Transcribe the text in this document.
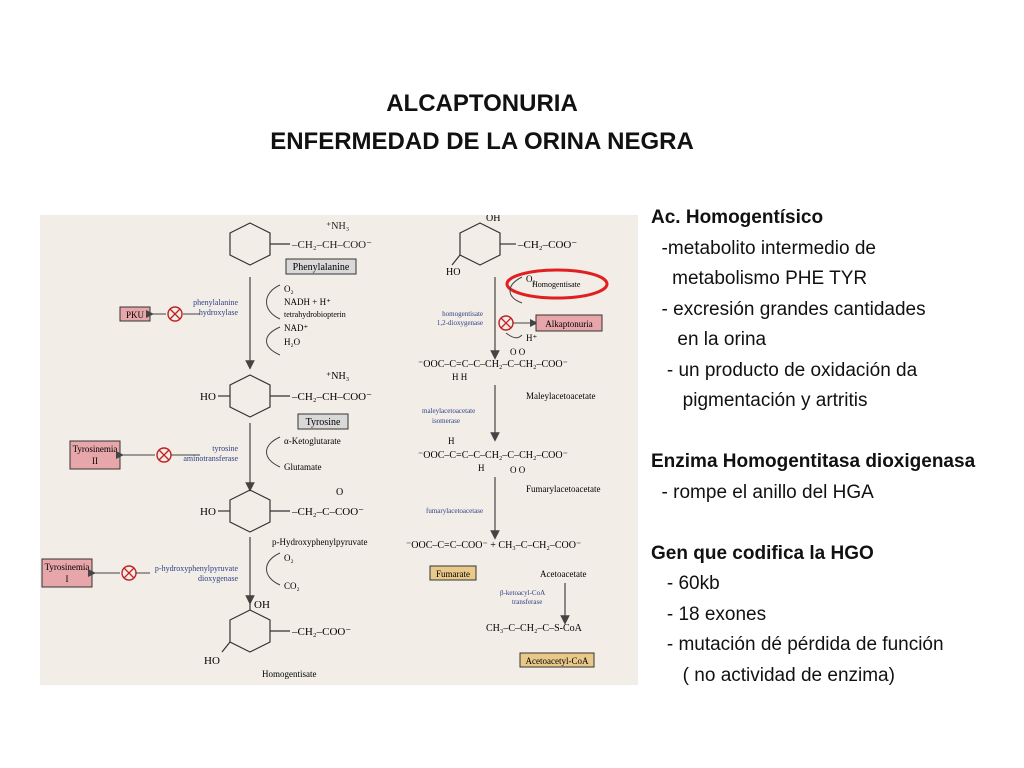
ALCAPTONURIA
ENFERMEDAD DE LA ORINA NEGRA
–CH₂–CH–COO⁻
⁺NH₃
Phenylalanine
O₂
NADH + H⁺
tetrahydrobiopterin
NAD⁺
H₂O
phenylalanine
hydroxylase
PKU
HO	–CH₂–CH–COO⁻
⁺NH₃
Tyrosine
α-Ketoglutarate
Glutamate
tyrosine
aminotransferase
Tyrosinemia
II
HO	–CH₂–C–COO⁻
O
p-Hydroxyphenylpyruvate
O₂
CO₂
p-hydroxyphenylpyruvate
dioxygenase
Tyrosinemia
I
OH
HO
–CH₂–COO⁻
Homogentisate
OH
HO
–CH₂–COO⁻
Homogentisate
O₂
H⁺
homogentisate
1,2-dioxygenase	Alkaptonuria
⁻OOC–C=C–C–CH₂–C–CH₂–COO⁻
H H
O O
Maleylacetoacetate
maleylacetoacetate
isomerase
H
⁻OOC–C=C–C–CH₂–C–CH₂–COO⁻
H	O O
Fumarylacetoacetate
fumarylacetoacetase
⁻OOC–C=C–COO⁻ + CH₃–C–CH₂–COO⁻
Fumarate	Acetoacetate
β-ketoacyl-CoA
transferase
CH₃–C–CH₂–C–S-CoA
Acetoacetyl-CoA
Ac. Homogentísico
-metabolito intermedio de
metabolismo PHE TYR
- excresión grandes cantidades
en la orina
- un producto de oxidación da
pigmentación y artritis

Enzima Homogentitasa dioxigenasa
- rompe el anillo del HGA

Gen que codifica la HGO
- 60kb
- 18 exones
- mutación dé pérdida de función
( no actividad de enzima)
